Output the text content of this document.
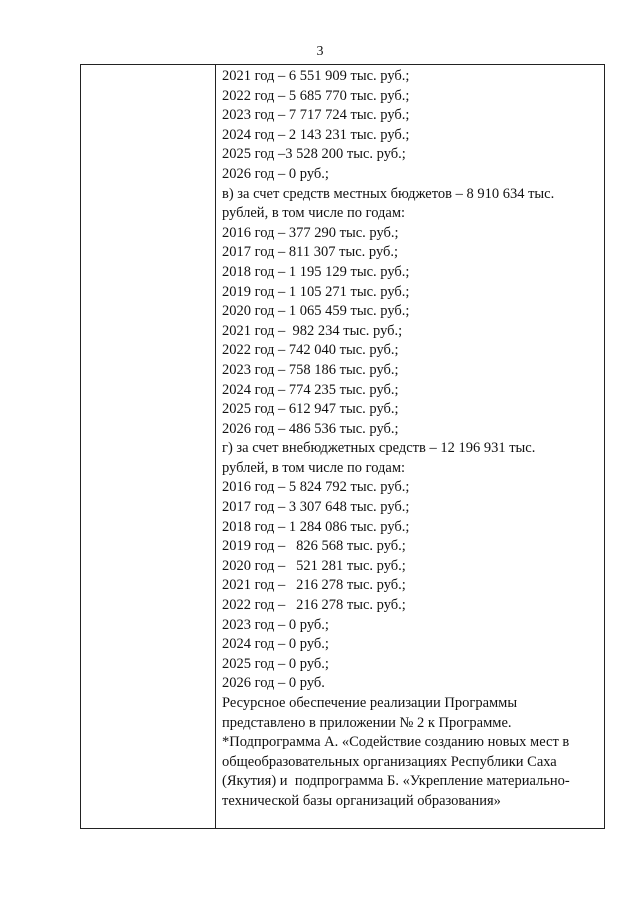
3
2021 год – 6 551 909 тыс. руб.;
2022 год – 5 685 770 тыс. руб.;
2023 год – 7 717 724 тыс. руб.;
2024 год – 2 143 231 тыс. руб.;
2025 год –3 528 200 тыс. руб.;
2026 год – 0 руб.;
в) за счет средств местных бюджетов – 8 910 634 тыс.
рублей, в том числе по годам:
2016 год – 377 290 тыс. руб.;
2017 год – 811 307 тыс. руб.;
2018 год – 1 195 129 тыс. руб.;
2019 год – 1 105 271 тыс. руб.;
2020 год – 1 065 459 тыс. руб.;
2021 год –  982 234 тыс. руб.;
2022 год – 742 040 тыс. руб.;
2023 год – 758 186 тыс. руб.;
2024 год – 774 235 тыс. руб.;
2025 год – 612 947 тыс. руб.;
2026 год – 486 536 тыс. руб.;
г) за счет внебюджетных средств – 12 196 931 тыс.
рублей, в том числе по годам:
2016 год – 5 824 792 тыс. руб.;
2017 год – 3 307 648 тыс. руб.;
2018 год – 1 284 086 тыс. руб.;
2019 год –   826 568 тыс. руб.;
2020 год –   521 281 тыс. руб.;
2021 год –   216 278 тыс. руб.;
2022 год –   216 278 тыс. руб.;
2023 год – 0 руб.;
2024 год – 0 руб.;
2025 год – 0 руб.;
2026 год – 0 руб.
Ресурсное обеспечение реализации Программы
представлено в приложении № 2 к Программе.
*Подпрограмма А. «Содействие созданию новых мест в
общеобразовательных организациях Республики Саха
(Якутия) и  подпрограмма Б. «Укрепление материально-
технической базы организаций образования»
